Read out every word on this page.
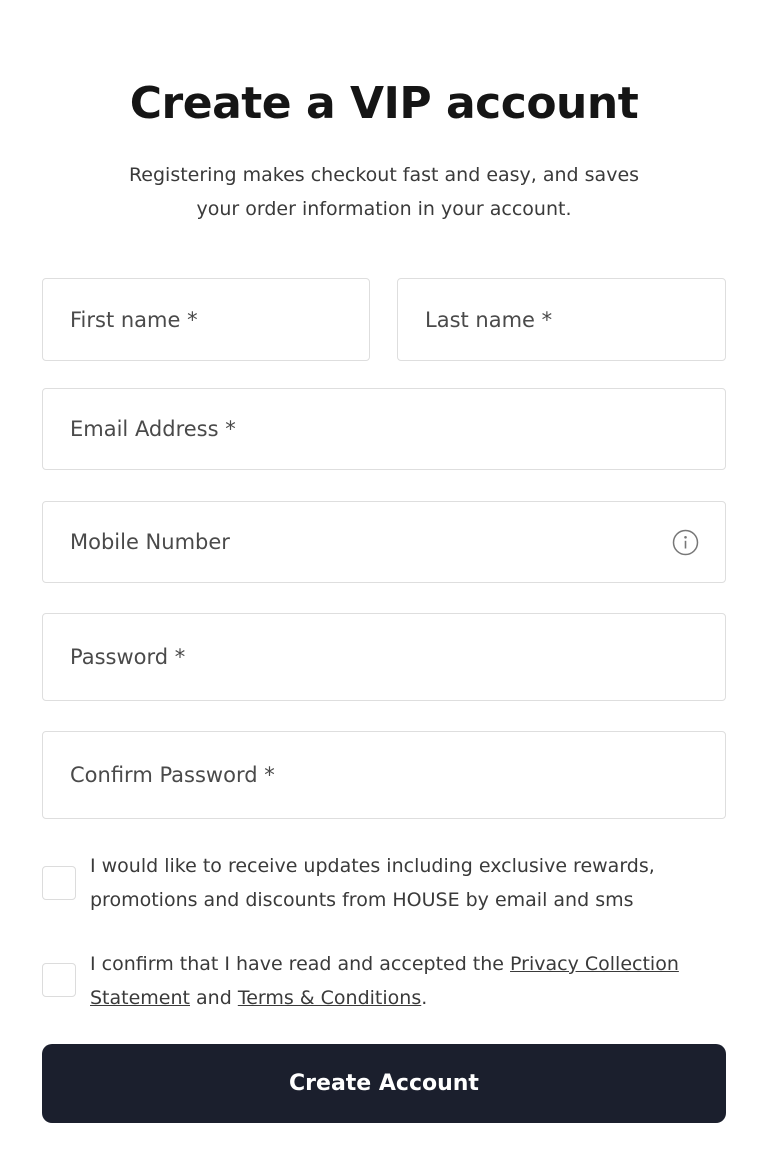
Create a VIP account

Registering makes checkout fast and easy, and saves your order information in your account.

First name *	Last name *
Email Address *
Mobile Number
Password *
Confirm Password *
I would like to receive updates including exclusive rewards, promotions and discounts from HOUSE by email and sms
I confirm that I have read and accepted the Privacy Collection Statement and Terms & Conditions.
Create Account
